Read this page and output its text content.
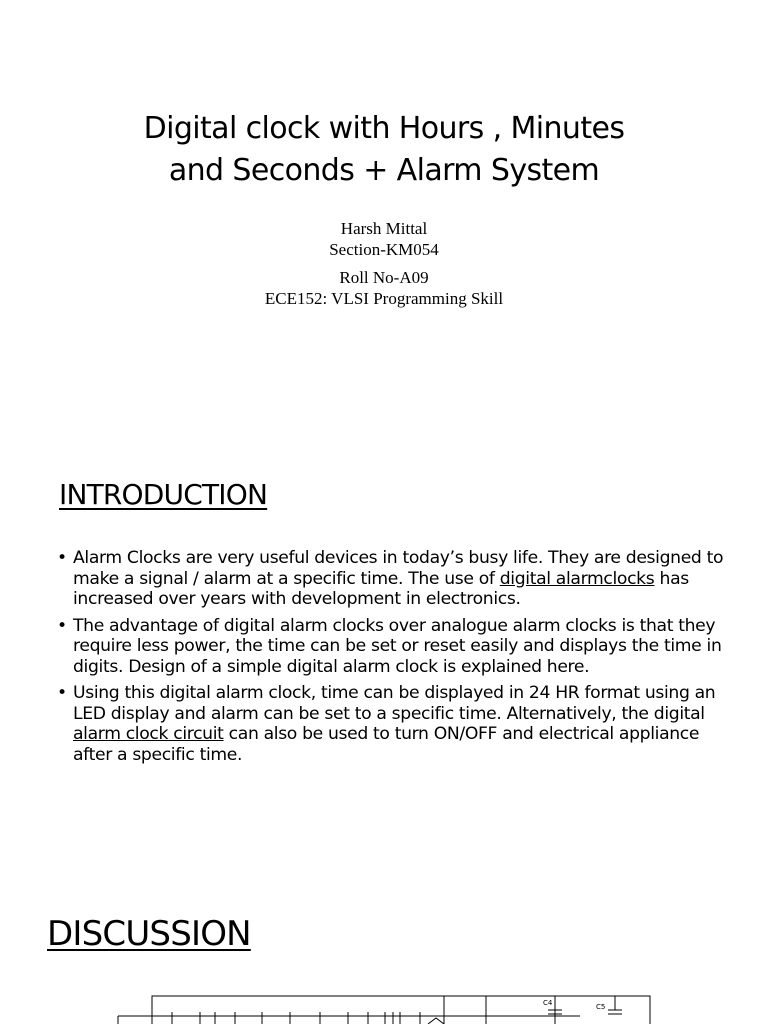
Digital clock with Hours , Minutes
and Seconds + Alarm System
Harsh Mittal
Section-KM054
Roll No-A09
ECE152: VLSI Programming Skill
INTRODUCTION
• Alarm Clocks are very useful devices in today’s busy life. They are designed to make a signal / alarm at a specific time. The use of digital alarmclocks has increased over years with development in electronics.
• The advantage of digital alarm clocks over analogue alarm clocks is that they require less power, the time can be set or reset easily and displays the time in digits. Design of a simple digital alarm clock is explained here.
• Using this digital alarm clock, time can be displayed in 24 HR format using an LED display and alarm can be set to a specific time. Alternatively, the digital alarm clock circuit can also be used to turn ON/OFF and electrical appliance after a specific time.
DISCUSSION
C4	C5
